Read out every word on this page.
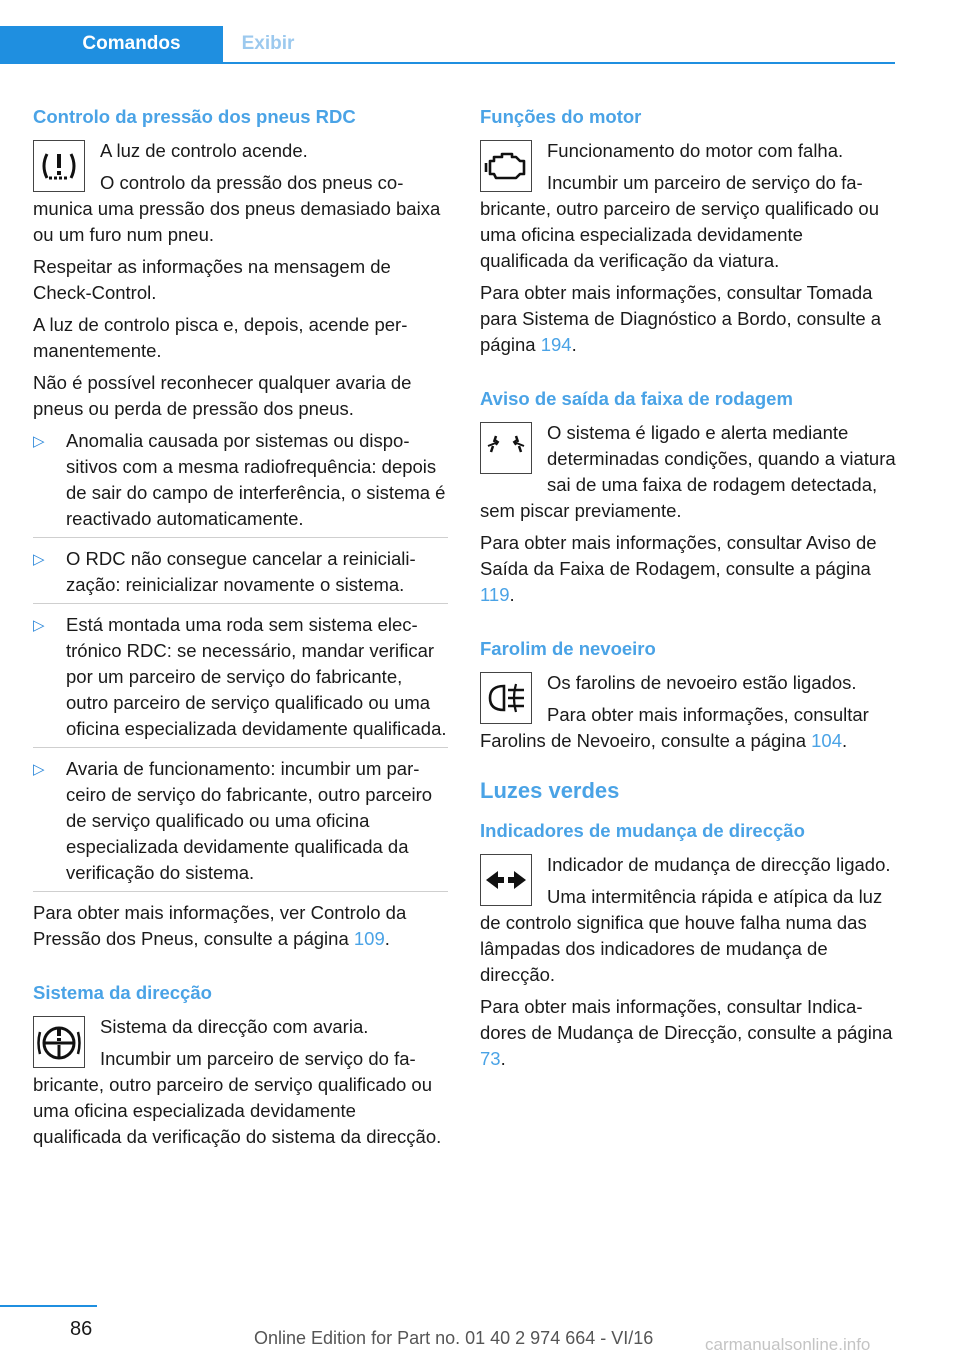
Comandos	Exibir
Controlo da pressão dos pneus RDC

A luz de controlo acende.

O controlo da pressão dos pneus comunica uma pressão dos pneus demasiado baixa ou um furo num pneu.

Respeitar as informações na mensagem de Check-Control.

A luz de controlo pisca e, depois, acende permanentemente.

Não é possível reconhecer qualquer avaria de pneus ou perda de pressão dos pneus.

▷ Anomalia causada por sistemas ou dispositivos com a mesma radiofrequência: depois de sair do campo de interferência, o sistema é reactivado automaticamente.
▷ O RDC não consegue cancelar a reinicialização: reinicializar novamente o sistema.
▷ Está montada uma roda sem sistema electrónico RDC: se necessário, mandar verificar por um parceiro de serviço do fabricante, outro parceiro de serviço qualificado ou uma oficina especializada devidamente qualificada.
▷ Avaria de funcionamento: incumbir um parceiro de serviço do fabricante, outro parceiro de serviço qualificado ou uma oficina especializada devidamente qualificada da verificação do sistema.

Para obter mais informações, ver Controlo da Pressão dos Pneus, consulte a página 109.

Sistema da direcção

Sistema da direcção com avaria.

Incumbir um parceiro de serviço do fabricante, outro parceiro de serviço qualificado ou uma oficina especializada devidamente qualificada da verificação do sistema da direcção.

Funções do motor

Funcionamento do motor com falha.

Incumbir um parceiro de serviço do fabricante, outro parceiro de serviço qualificado ou uma oficina especializada devidamente qualificada da verificação da viatura.

Para obter mais informações, consultar Tomada para Sistema de Diagnóstico a Bordo, consulte a página 194.

Aviso de saída da faixa de rodagem

O sistema é ligado e alerta mediante determinadas condições, quando a viatura sai de uma faixa de rodagem detectada, sem piscar previamente.

Para obter mais informações, consultar Aviso de Saída da Faixa de Rodagem, consulte a página 119.

Farolim de nevoeiro

Os farolins de nevoeiro estão ligados.

Para obter mais informações, consultar Farolins de Nevoeiro, consulte a página 104.

Luzes verdes
Indicadores de mudança de direcção

Indicador de mudança de direcção ligado.

Uma intermitência rápida e atípica da luz de controlo significa que houve falha numa das lâmpadas dos indicadores de mudança de direcção.

Para obter mais informações, consultar Indicadores de Mudança de Direcção, consulte a página 73.

86	Online Edition for Part no. 01 40 2 974 664 - VI/16	carmanualsonline.info
